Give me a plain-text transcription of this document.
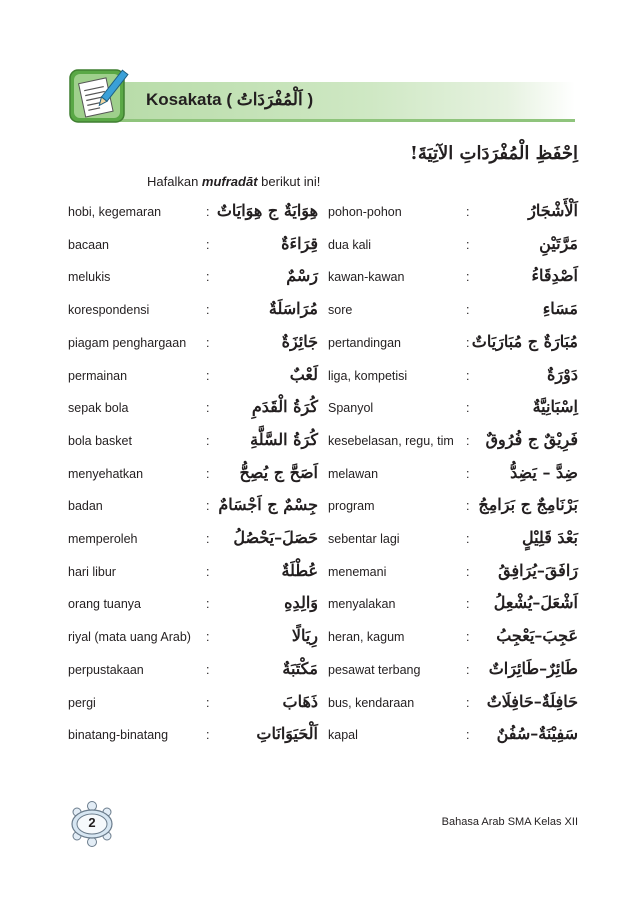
Kosakata ( اَلْمُفْرَدَاتُ )
اِحْفَظِ الْمُفْرَدَاتِ الآتِيَةَ!
Hafalkan mufradāt berikut ini!
hobi, kegemaran	: هِوَايَةٌ ج هِوَايَاتٌ pohon-pohon	:	اَلْأَشْجَارُ
bacaan	:	قِرَاءَةٌ dua kali	:	مَرَّتَيْنِ
melukis	:	رَسْمٌ kawan-kawan	:	اَصْدِقَاءُ
korespondensi	:	مُرَاسَلَةٌ sore	:	مَسَاءِ
piagam penghargaan :	جَائِزَةٌ pertandingan	: مُبَارَةٌ ج مُبَارَيَاتٌ
permainan	:	لَعْبٌ liga, kompetisi	:	دَوْرَةٌ
sepak bola	:	كُرَةُ الْقَدَمِ Spanyol	:	اِسْبَانِيَّةٌ
bola basket	:	كُرَةُ السَّلَّةِ kesebelasan, regu, tim : فَرِيْقٌ ج فُرُوقٌ
menyehatkan	: اَصَحَّ ج يُصِحُّ melawan	:	ضِدَّ – يَضِدُّ
badan	: جِسْمٌ ج اَجْسَامٌ program	: بَرْنَامِجٌ ج بَرَامِجُ
memperoleh	: حَصَلَ–يَحْصُلُ sebentar lagi	:	بَعْدَ قَلِيْلٍ
hari libur	:	عُطْلَةٌ menemani	: رَافَقَ–يُرَافِقُ
orang tuanya	:	وَالِدِهِ menyalakan	: اَشْعَلَ–يُشْعِلُ
riyal (mata uang Arab) :	رِيَالًا heran, kagum	: عَجِبَ–يَعْجِبُ
perpustakaan	:	مَكْتَبَةٌ pesawat terbang	: طَائِرٌ–طَائِرَاتٌ
pergi	:	ذَهَابَ bus, kendaraan	: حَافِلَةٌ–حَافِلَاتٌ
binatang-binatang	:	اَلْحَيَوَانَاتِ kapal	: سَفِيْنَةٌ–سُفُنٌ
2	Bahasa Arab SMA Kelas XII
